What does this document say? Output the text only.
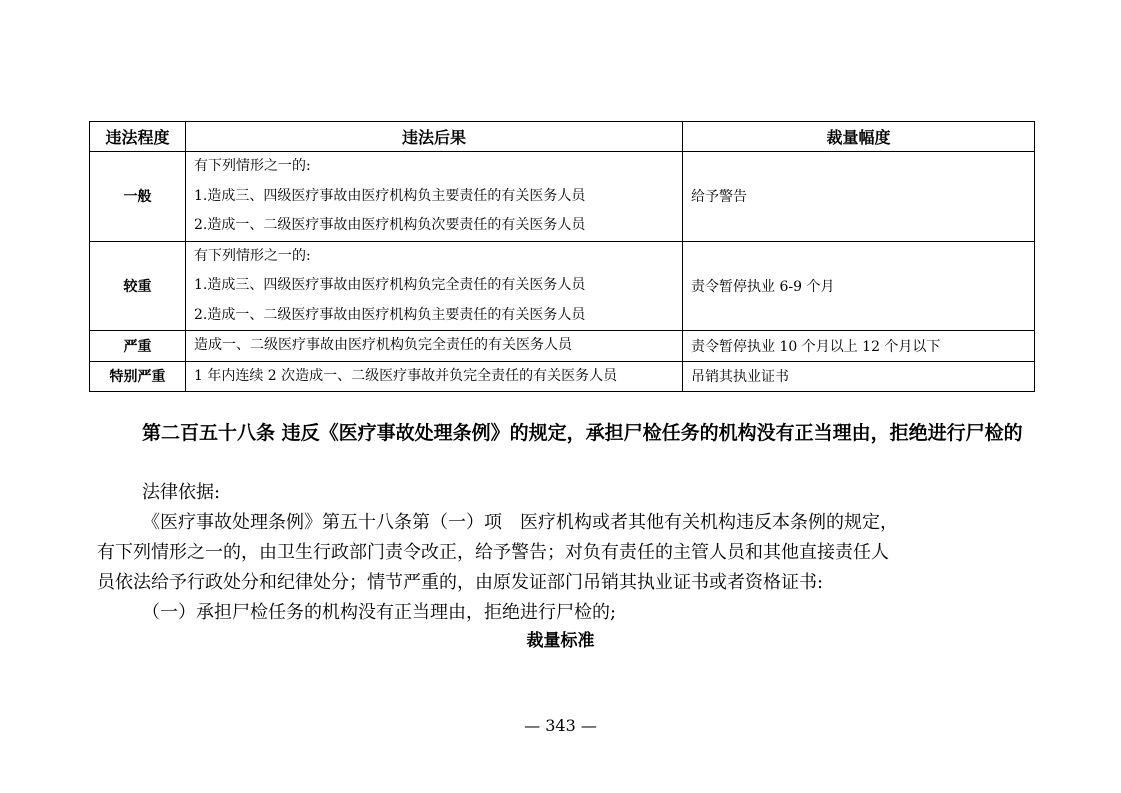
违法程度	违法后果	裁量幅度
一般	有下列情形之一的:
1.造成三、四级医疗事故由医疗机构负主要责任的有关医务人员
2.造成一、二级医疗事故由医疗机构负次要责任的有关医务人员	给予警告
较重	有下列情形之一的:
1.造成三、四级医疗事故由医疗机构负完全责任的有关医务人员
2.造成一、二级医疗事故由医疗机构负主要责任的有关医务人员	责令暂停执业 6-9 个月
严重	造成一、二级医疗事故由医疗机构负完全责任的有关医务人员	责令暂停执业 10 个月以上 12 个月以下
特别严重	1 年内连续 2 次造成一、二级医疗事故并负完全责任的有关医务人员	吊销其执业证书
第二百五十八条 违反《医疗事故处理条例》的规定，承担尸检任务的机构没有正当理由，拒绝进行尸检的
法律依据:
《医疗事故处理条例》第五十八条第（一）项　医疗机构或者其他有关机构违反本条例的规定，
有下列情形之一的，由卫生行政部门责令改正，给予警告；对负有责任的主管人员和其他直接责任人
员依法给予行政处分和纪律处分；情节严重的，由原发证部门吊销其执业证书或者资格证书:
（一）承担尸检任务的机构没有正当理由，拒绝进行尸检的;
裁量标准
— 343 —
